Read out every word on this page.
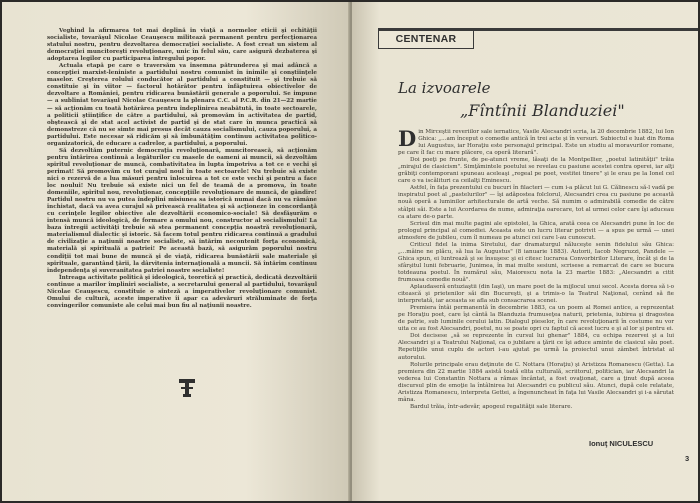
Veghind la afirmarea tot mai deplină în viaţă a normelor eticii şi echităţii socialiste, tovarăşul Nicolae Ceauşescu militează permanent pentru perfecţionarea statului nostru, pentru dezvoltarea democraţiei socialiste. A fost creat un sistem al democraţiei muncitoreşti revoluţionare, unic în felul său, care asigură dezbaterea şi adoptarea legilor cu participarea întregului popor.

Actuala etapă pe care o traversăm va însemna pătrunderea şi mai adâncă a concepţiei marxist-leniniste a partidului nostru comunist în inimile şi conştiinţele maselor. Creşterea rolului conducător al partidului a constituit — şi trebuie să constituie şi în viitor — factorul hotărâtor pentru înfăptuirea obiectivelor de dezvoltare a României, pentru ridicarea bunăstării generale a poporului. Se impune — a subliniat tovarăşul Nicolae Ceauşescu la plenara C.C. al P.C.R. din 21—22 martie — să acţionăm cu toată hotărârea pentru îndeplinirea neabătută, în toate sectoarele, a politicii ştiinţifice de către a partidului, să promovăm în activitatea de partid, obştească şi de stat acel activist de partid şi de stat care în munca practică să demonstreze că nu se simte mai presus decât cauza socialismului, cauza poporului, a partidului. Este necesar să ridicăm şi să îmbunătăţim continuu activitatea politico-organizatorică, de educare a cadrelor, a partidului, a poporului.

Să dezvoltăm puternic democraţia revoluţionară, muncitorească, să acţionăm pentru întărirea continuă a legăturilor cu masele de oameni ai muncii, să dezvoltăm spiritul revoluţionar de muncă, combativitatea în lupta împotriva a tot ce e vechi şi perimat! Să promovăm cu tot curajul noul în toate sectoarele! Nu trebuie să existe nici o rezervă de a lua măsuri pentru înlocuirea a tot ce este vechi şi pentru a face loc noului! Nu trebuie să existe nici un fel de teamă de a promova, în toate domeniile, spiritul nou, revoluţionar, concepţiile revoluţionare de muncă, de gândire! Partidul nostru nu va putea îndeplini misiunea sa istorică numai dacă nu va rămâne închistat, dacă va avea curajul să privească realitatea şi să acţioneze în concordanţă cu cerinţele legilor obiective ale dezvoltării economico-sociale! Să desfăşurăm o intensă muncă ideologică, de formare a omului nou, constructor al socialismului! La baza întregii activităţi trebuie să stea permanent concepţia noastră revoluţionară, materialismul dialectic şi istoric. Să facem totul pentru ridicarea continuă a gradului de civilizaţie a naţiunii noastre socialiste, să întărim necontenit forţa economică, materială şi spirituală a patriei! Pe această bază, să asigurăm poporului nostru condiţii tot mai bune de muncă şi de viaţă, ridicarea bunăstării sale materiale şi spirituale, garantând ţării, la dârvitenia internaţională a muncii. Să întărim continuu independenţa şi suveranitatea patriei noastre socialiste!

Întreaga activitate politică şi ideologică, teoretică şi practică, dedicată dezvoltării continue a marilor împliniri socialiste, a secretarului general al partidului, tovarăşul Nicolae Ceauşescu, constituie o sinteză a imperativelor revoluţionare comunist. Omului de cultură, aceste imperative îi apar ca adevăruri străluminate de forţa convingerilor comuniste ale celui mai bun fiu al naţiunii noastre.

CENTENAR
La izvoarele
„Fîntînii Blanduziei"

Din Mirceştii reveriilor sale iernatice, Vasile Alecsandri scria, la 20 decembrie 1882, lui Ion Ghica: „...am început o comedie antică în trei acte şi în versuri. Subiectul e luat din Roma lui Augustus, iar Horaţiu este personajul principal. Este un studiu al moravurilor romane, pe care îl fac cu mare plăcere, ca operă literară".

Doi poeţi pe frunte, de pe-atunci vreme, lăsaţi de la Montpellier, „poetul latinităţii" trăia „mirajul de clasicism". Simţămintele poetului se revelau cu pasiune acestei contra operei, iar alţi grăbiţi contemporani spuneau aceleaşi „regeal pe poet, vestitei tinere" şi le erau pe la Ionel cel care o va iscălituri ca ceilalţi Eminescu.

Astfel, în fața prezentului cu bucuri în filacteri — cum i-a plăcut lui G. Călinescu să-l vadă pe inspiratul poet al „pastelurilor" — îşi adăpostea folclorul, Alecsandri crea cu pasiune pe această nouă operă a luminilor arhitecturale de artă veche. Să numim o admirabilă comedie de către stâlpii săi. Este a lui Acordarea de nume, admiraţia oarecare, tot al urmei celor care îşi aduceau ca atare de-o parte.

Scrisul din mai multe pagini ale epistolei, la Ghica, arată ceea ce Alecsandri pune în loc de prologul principal al comediei. Aceasta este un lucru literar potrivit — a spus pe urmă — unei atmosfere de jubileu, cum îl numeau pe atunci cei care l-au cunoscut.

Criticul fidel la inima Siretului, dar dramaturgul năluceşte senin fidelului său Ghica: „...mâine ne plăcu, să lua la Augustus" (8 ianuarie 1883). Autorii, Iacob Negruzzi, Pandele — Ghica spun, ei luntrează şi se însuşesc şi ei citesc lucrarea Convorbirilor Literare, încât şi de la sfârşitul lunii februarie, Junimea, în mai multe sesiuni, scrisese a remarcat de care se bucura totdeauna poetul. În numărul său, Maiorescu nota la 23 martie 1883: „Alecsandri a citit frumoasa comedie nouă".

Aplaudaseră entuziaştii (din Iaşi), un mare poet de la mijlocul unui secol. Acesta dorea să i-o citească şi prietenilor săi din Bucureşti, şi a trimis-o la Teatrul Naţional, cerând să fie interpretată, iar aceasta se afla sub consacrarea scenei.

Premiera întâi permanentă în decembrie 1883, ca un poem al Romei antice, a reprezentat pe Horaţiu poet, care îşi cântă la Blanduzia frumuseţea naturii, prietenia, iubirea şi dragostea de patrie, sub luminile cerului latin. Dialogul pieselor, în care revoluţionarii în costume nu vor uita ce au fost Alecsandri, poetul, nu se poate opri cu faptul că acest lucru e şi al lor şi pentru ei.

Doi decisese „să se reprezente în cursul lui ghenar" 1884, cu echipa rezervei şi a lui Alecsandri şi a Teatrului Naţional, ca o jubilare a ţării ce îşi aduce aminte de clasicul său poet. Repetiţiile unui cuplu de actori i-au ajutat pe urmă la proiectul unui zâmbet întristat al autorului.

Rolurile principale erau deţinute de C. Nottara (Horaţiu) şi Aristizza Romanescu (Getta). La premiera din 22 martie 1884 asistă toată elita culturală, scriitorul, politician, iar Alecsandri la vederea lui Constantin Nottara a rămas încântat, a fost ovaţionat, care a ţinut după aceea discursul plin de emoţie la întâlnirea lui Alecsandri cu publicul său. Atunci, după cele relatate, Aristizza Romanescu, interpreta Gettei, a îngenuncheat în faţa lui Vasile Alecsandri şi i-a sărutat mâna.

Bardul trăia, într-adevăr, apogeul regalităţii sale literare.

Ionuţ NICULESCU
3
